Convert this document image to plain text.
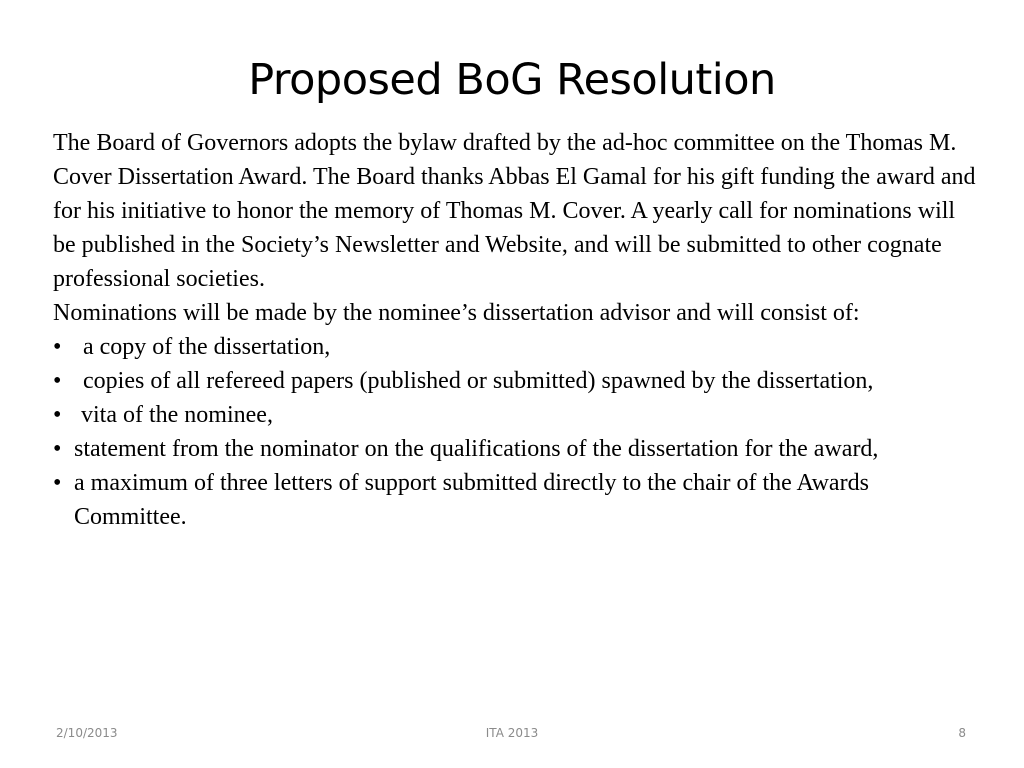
Proposed BoG Resolution

The Board of Governors adopts the bylaw drafted by the ad-hoc committee on the Thomas M. Cover Dissertation Award. The Board thanks Abbas El Gamal for his gift funding the award and for his initiative to honor the memory of Thomas M. Cover. A yearly call for nominations will be published in the Society’s Newsletter and Website, and will be submitted to other cognate professional societies.

Nominations will be made by the nominee’s dissertation advisor and will consist of:

• a copy of the dissertation,
• copies of all refereed papers (published or submitted) spawned by the dissertation,
• vita of the nominee,
• statement from the nominator on the qualifications of the dissertation for the award,
• a maximum of three letters of support submitted directly to the chair of the Awards Committee.
2/10/2013	ITA 2013	8
